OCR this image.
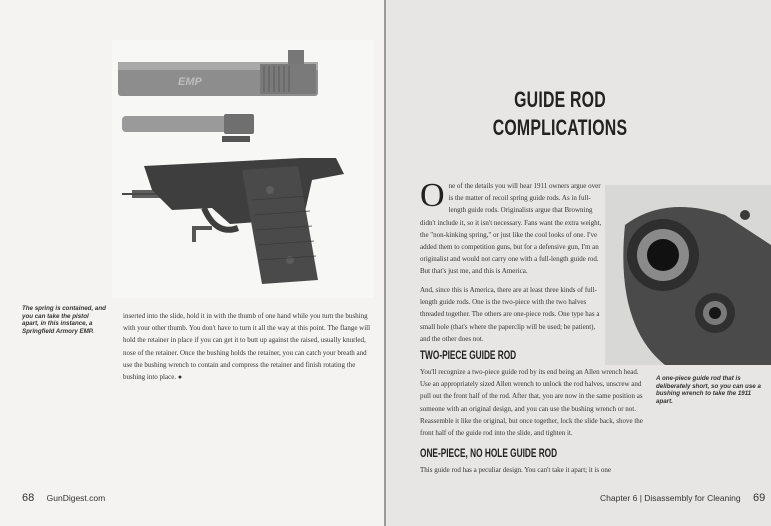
EMP
The spring is contained, and you can take the pistol apart, in this instance, a Springfield Armory EMP.
inserted into the slide, hold it in with the thumb of one hand while you turn the bushing with your other thumb. You don't have to turn it all the way at this point. The flange will hold the retainer in place if you can get it to butt up against the raised, usually knurled, nose of the retainer. Once the bushing holds the retainer, you can catch your breath and use the bushing wrench to contain and compress the retainer and finish rotating the bushing into place. ●
68 GunDigest.com
GUIDE ROD
COMPLICATIONS
O ne of the details you will hear 1911 owners argue over is the matter of recoil spring guide rods. As in full-length guide rods. Originalists argue that Browning didn't include it, so it isn't necessary. Fans want the extra weight, the "non-kinking spring," or just like the cool looks of one. I've added them to competition guns, but for a defensive gun, I'm an originalist and would not carry one with a full-length guide rod. But that's just me, and this is America.
And, since this is America, there are at least three kinds of full-length guide rods. One is the two-piece with the two halves threaded together. The others are one-piece rods. One type has a small hole (that's where the paperclip will be used; be patient), and the other does not.
TWO-PIECE GUIDE ROD
You'll recognize a two-piece guide rod by its end being an Allen wrench head. Use an appropriately sized Allen wrench to unlock the rod halves, unscrew and pull out the front half of the rod. After that, you are now in the same position as someone with an original design, and you can use the bushing wrench or not. Reassemble it like the original, but once together, lock the slide back, shove the front half of the guide rod into the slide, and tighten it.
ONE-PIECE, NO HOLE GUIDE ROD
This guide rod has a peculiar design. You can't take it apart; it is one
A one-piece guide rod that is deliberately short, so you can use a bushing wrench to take the 1911 apart.
Chapter 6 | Disassembly for Cleaning 69
